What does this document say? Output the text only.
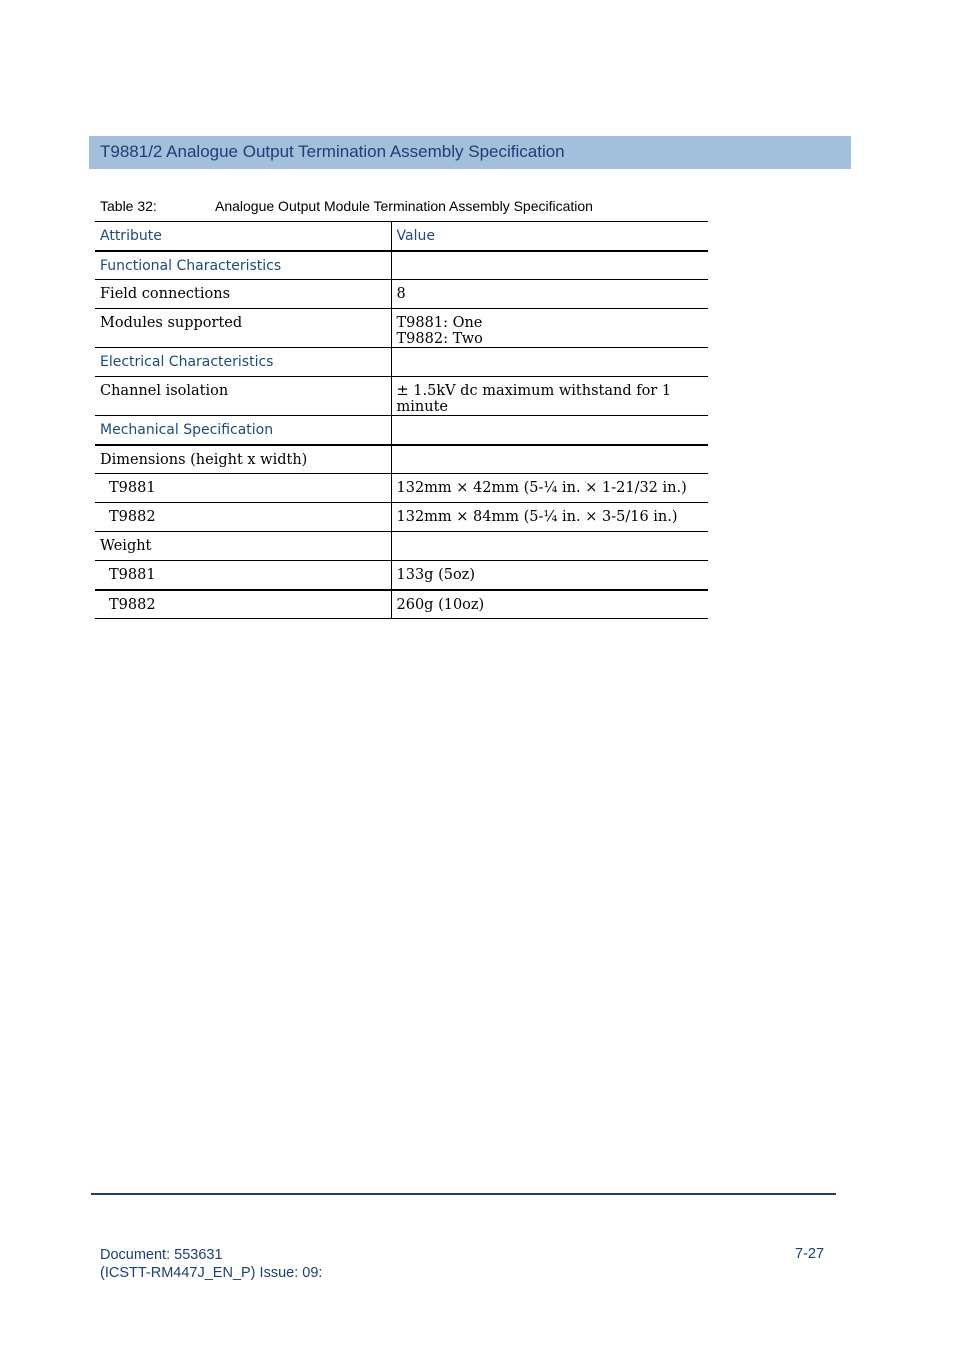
T9881/2 Analogue Output Termination Assembly Specification
Table 32:	Analogue Output Module Termination Assembly Specification
Attribute	Value
Functional Characteristics	
Field connections	8
Modules supported	T9881: One
T9882: Two

Electrical Characteristics	
Channel isolation	± 1.5kV dc maximum withstand for 1 minute
Mechanical Specification	
Dimensions (height x width)	
T9881	132mm × 42mm (5-¼ in. × 1-21/32 in.)
T9882	132mm × 84mm (5-¼ in. × 3-5/16 in.)
Weight	
T9881	133g (5oz)
T9882	260g (10oz)
Document: 553631
(ICSTT-RM447J_EN_P) Issue: 09:
7-27
